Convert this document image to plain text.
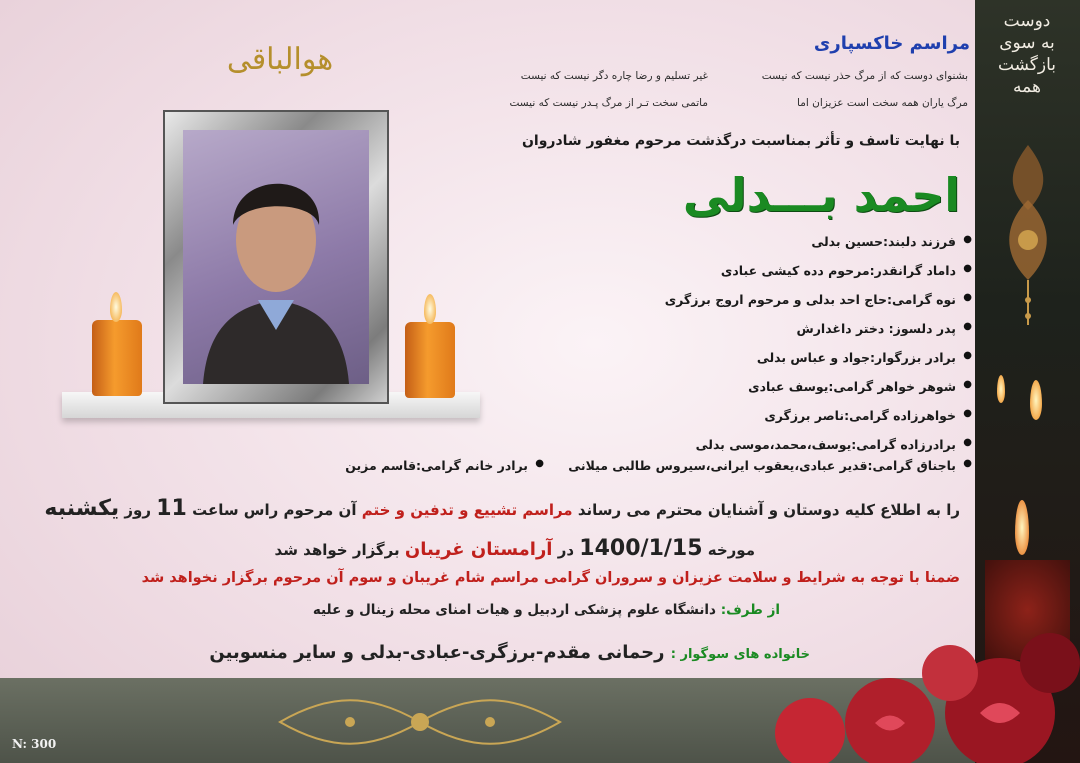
دوست
به سوی
بازگشت همه
N: 300
مراسم خاکسپاری
بشنوای دوست که از مرگ حذر نیست که نیست
غیر تسلیم و رضا چاره دگر نیست که نیست
مرگ یاران همه سخت است عزیزان اما
ماتمی سخت تـر از مرگ پـدر نیست که نیست
با نهایت تاسف و تأثر بمناسبت درگذشت مرحوم مغفور شادروان
احمد بـــدلی
هوالباقی
● فرزند دلبند:حسین بدلی
● داماد گرانقدر:مرحوم دده کیشی عبادی
● نوه گرامی:حاج احد بدلی و مرحوم اروج برزگری
● پدر دلسوز: دختر داغدارش
● برادر بزرگوار:جواد و عباس بدلی
● شوهر خواهر گرامی:یوسف عبادی
● خواهرزاده گرامی:ناصر برزگری
● برادرزاده گرامی:یوسف،محمد،موسی بدلی
● باجناق گرامی:قدیر عبادی،یعقوب ایرانی،سیروس طالبی میلانی
● برادر خانم گرامی:قاسم مزین
را به اطلاع کلیه دوستان و آشنایان محترم می رساند مراسم تشییع و تدفین و ختم آن مرحوم راس ساعت 11 روز یکشنبه
مورخه 1400/1/15 در آرامستان غریبان برگزار خواهد شد
ضمنا با توجه به شرایط و سلامت عزیزان و سروران گرامی مراسم شام غریبان و سوم آن مرحوم برگزار نخواهد شد
از طرف: دانشگاه علوم پزشکی اردبیل و هیات امنای محله زینال و علیه
خانواده های سوگوار : رحمانی مقدم-برزگری-عبادی-بدلی و سایر منسوبین
